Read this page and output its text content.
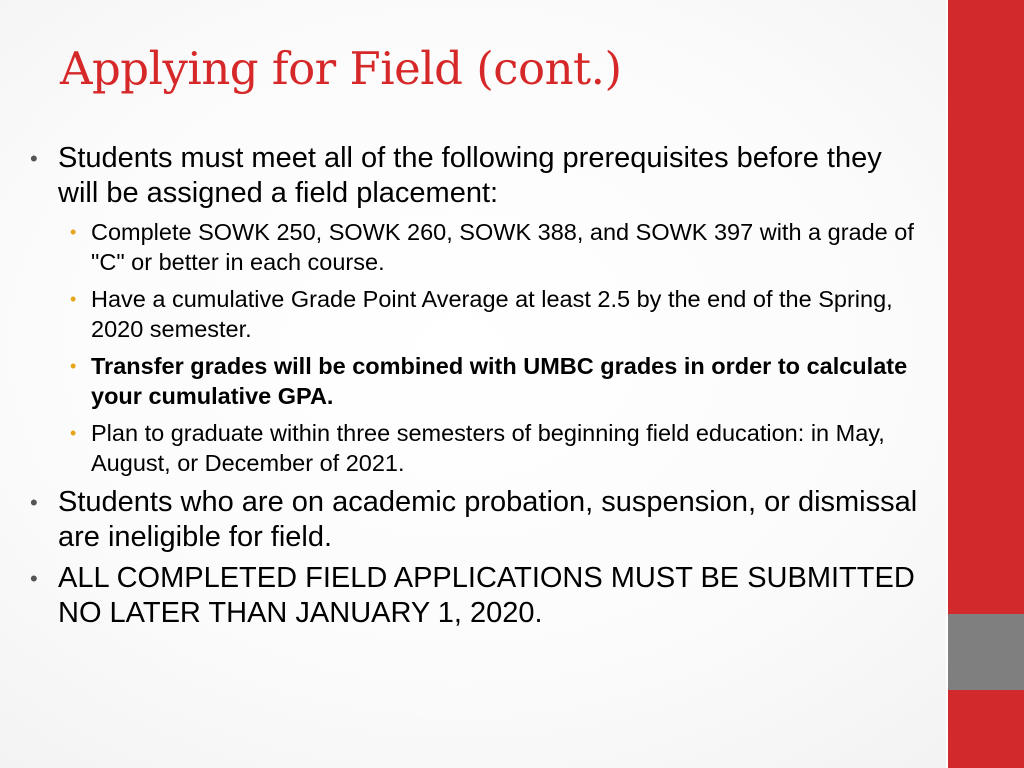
Applying for Field (cont.)
• Students must meet all of the following prerequisites before they will be assigned a field placement:
• Complete SOWK 250, SOWK 260, SOWK 388, and SOWK 397 with a grade of "C" or better in each course.
• Have a cumulative Grade Point Average at least 2.5 by the end of the Spring, 2020 semester.
• Transfer grades will be combined with UMBC grades in order to calculate your cumulative GPA.
• Plan to graduate within three semesters of beginning field education: in May, August, or December of 2021.
• Students who are on academic probation, suspension, or dismissal are ineligible for field.
• ALL COMPLETED FIELD APPLICATIONS MUST BE SUBMITTED NO LATER THAN JANUARY 1, 2020.
